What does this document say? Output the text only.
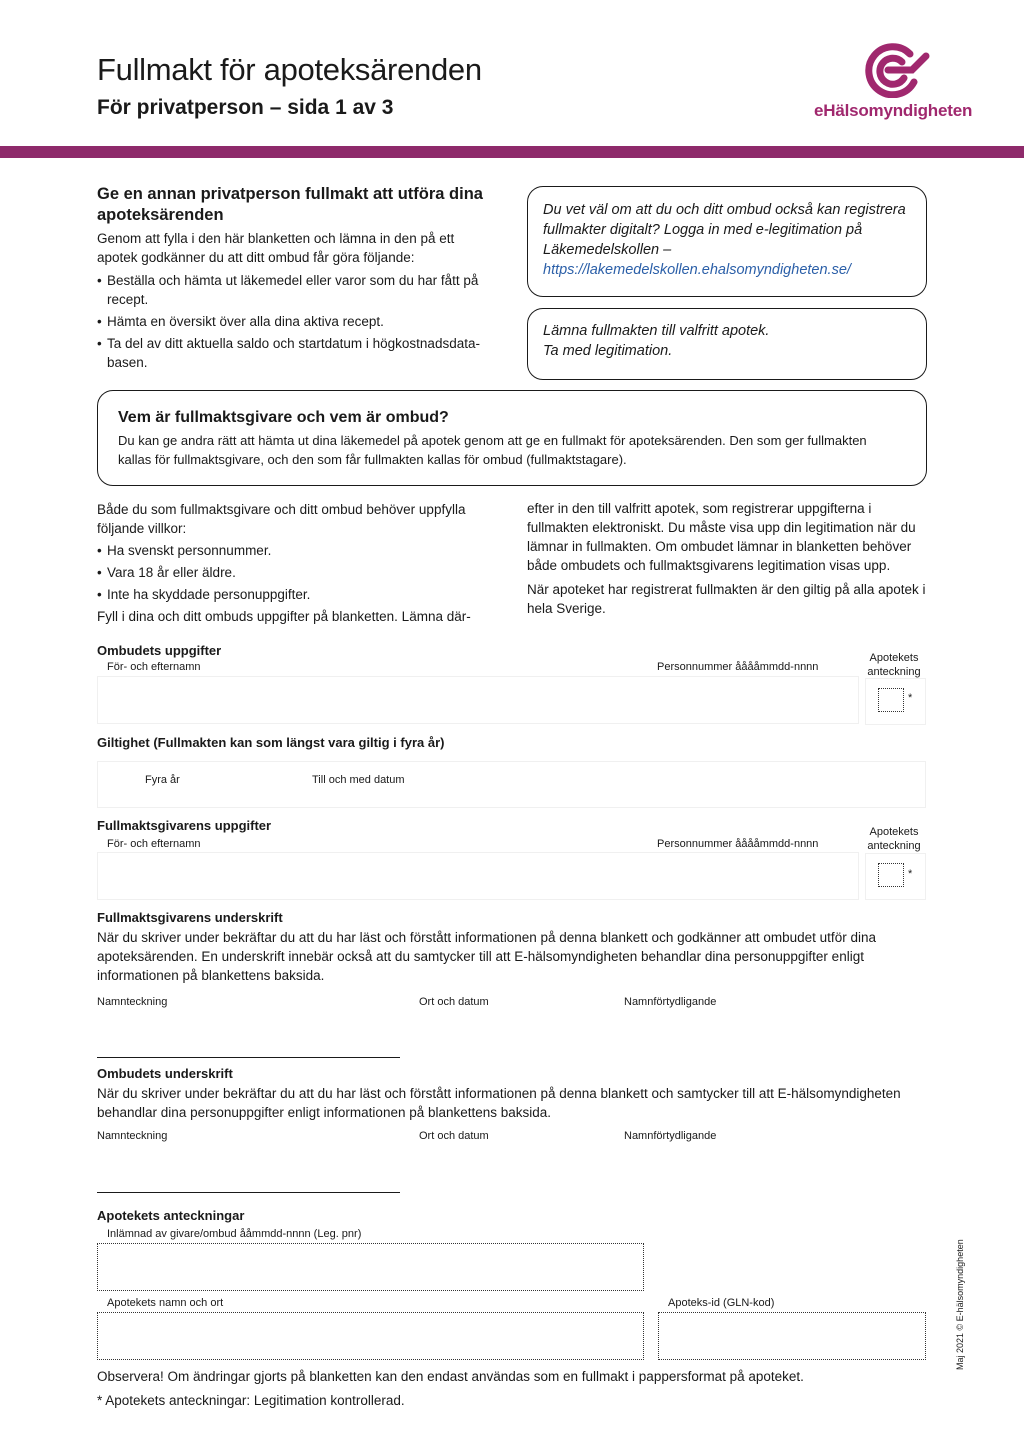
Fullmakt för apoteksärenden
För privatperson – sida 1 av 3	eHälsomyndigheten
Ge en annan privatperson fullmakt att utföra dina apoteksärenden
Genom att fylla i den här blanketten och lämna in den på ett apotek godkänner du att ditt ombud får göra följande:
• Beställa och hämta ut läkemedel eller varor som du har fått på recept.
• Hämta en översikt över alla dina aktiva recept.
• Ta del av ditt aktuella saldo och startdatum i högkostnadsdatabasen.
Du vet väl om att du och ditt ombud också kan registrera fullmakter digitalt? Logga in med e-legitimation på Läkemedelskollen –
https://lakemedelskollen.ehalsomyndigheten.se/
Lämna fullmakten till valfritt apotek.
Ta med legitimation.
Vem är fullmaktsgivare och vem är ombud?
Du kan ge andra rätt att hämta ut dina läkemedel på apotek genom att ge en fullmakt för apoteksärenden. Den som ger fullmakten kallas för fullmaktsgivare, och den som får fullmakten kallas för ombud (fullmaktstagare).
Både du som fullmaktsgivare och ditt ombud behöver uppfylla följande villkor:
• Ha svenskt personnummer.
• Vara 18 år eller äldre.
• Inte ha skyddade personuppgifter.
Fyll i dina och ditt ombuds uppgifter på blanketten. Lämna där-
efter in den till valfritt apotek, som registrerar uppgifterna i fullmakten elektroniskt. Du måste visa upp din legitimation när du lämnar in fullmakten. Om ombudet lämnar in blanketten behöver både ombudets och fullmaktsgivarens legitimation visas upp.
När apoteket har registrerat fullmakten är den giltig på alla apotek i hela Sverige.
Ombudets uppgifter
För- och efternamn	Personnummer ååååmmdd-nnnn
Apotekets anteckning
*
Giltighet (Fullmakten kan som längst vara giltig i fyra år)
Fyra år	Till och med datum
Fullmaktsgivarens uppgifter
För- och efternamn	Personnummer ååååmmdd-nnnn
Apotekets anteckning
*
Fullmaktsgivarens underskrift
När du skriver under bekräftar du att du har läst och förstått informationen på denna blankett och godkänner att ombudet utför dina apoteksärenden. En underskrift innebär också att du samtycker till att E-hälsomyndigheten behandlar dina personuppgifter enligt informationen på blankettens baksida.
Namnteckning	Ort och datum	Namnförtydligande
Ombudets underskrift
När du skriver under bekräftar du att du har läst och förstått informationen på denna blankett och samtycker till att E-hälsomyndigheten behandlar dina personuppgifter enligt informationen på blankettens baksida.
Namnteckning	Ort och datum	Namnförtydligande
Apotekets anteckningar
Inlämnad av givare/ombud ååmmdd-nnnn (Leg. pnr)
Apotekets namn och ort	Apoteks-id (GLN-kod)
Observera! Om ändringar gjorts på blanketten kan den endast användas som en fullmakt i pappersformat på apoteket.
* Apotekets anteckningar: Legitimation kontrollerad.
Maj 2021 © E-hälsomyndigheten
